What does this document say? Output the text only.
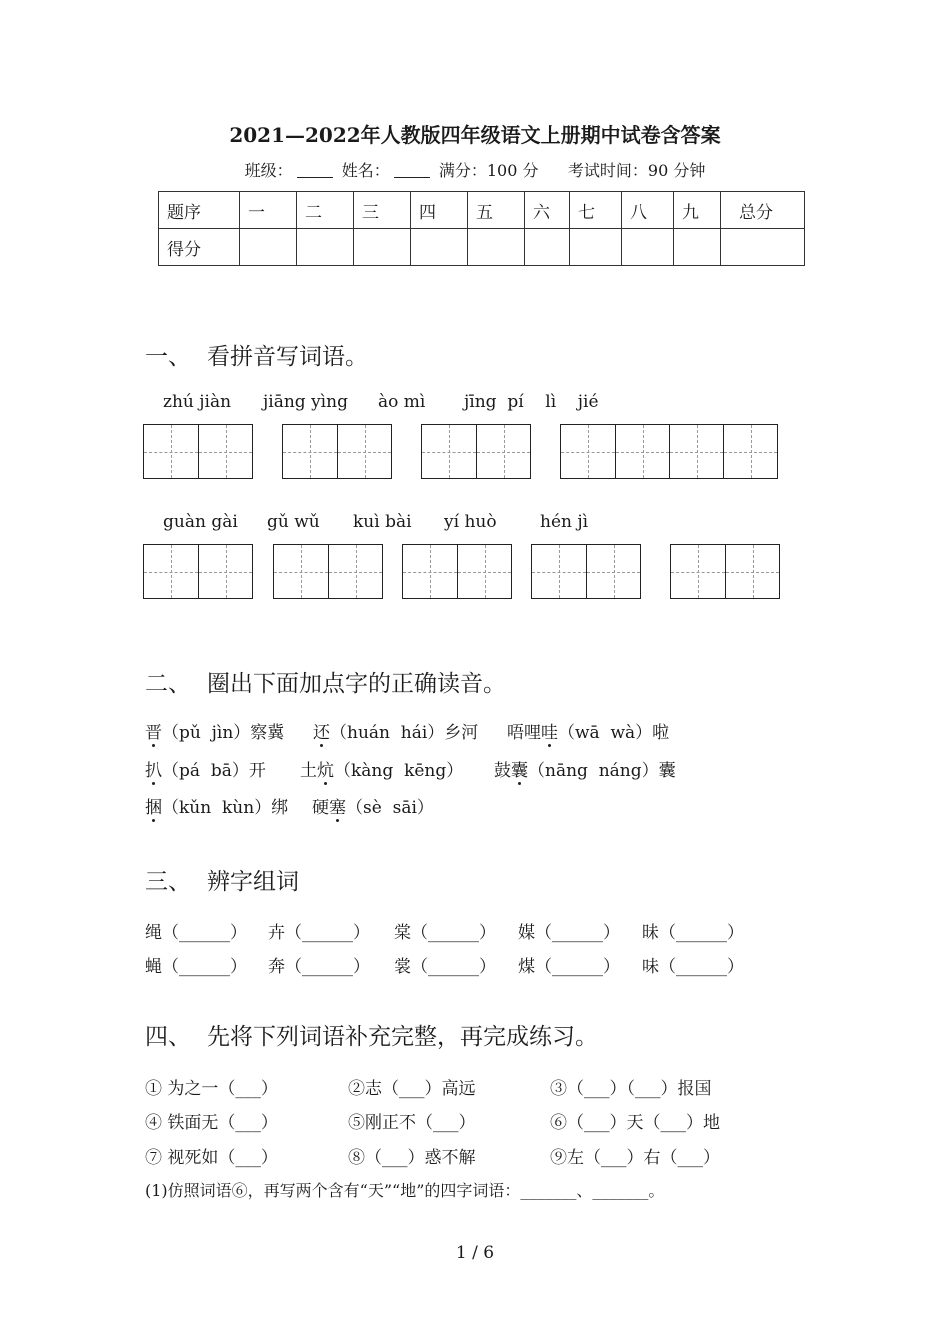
2021—2022年人教版四年级语文上册期中试卷含答案
班级：	姓名：	满分：100 分 考试时间：90 分钟
题序	一	二	三	四	五	六	七	八	九	总分
得分										
一、 看拼音写词语。
zhú jiàn jiāng yìng ào mì jīng  pí    lì    jié
guàn gài gǔ wǔ kuì bài yí huò	hén jì
二、 圈出下面加点字的正确读音。
晋（pǔ  jìn）察冀 还（huán  hái）乡河 唔哩哇（wā  wà）啦
扒（pá  bā）开 土炕（kàng  kēng） 鼓囊（nāng  náng）囊
捆（kǔn  kùn）绑 硬塞（sè  sāi）
三、 辨字组词
绳（______） 卉（______） 棠（______） 媒（______） 昧（______）
蝇（______） 奔（______） 裳（______） 煤（______） 味（______）
四、 先将下列词语补充完整，再完成练习。
① 为之一（___）	②志（___）高远	③（___）（___）报国
④ 铁面无（___）	⑤刚正不（___）	⑥（___）天（___）地
⑦ 视死如（___）	⑧（___）惑不解	⑨左（___）右（___）
(1)仿照词语⑥，再写两个含有“天”“地”的四字词语：_______、_______。
1 / 6
